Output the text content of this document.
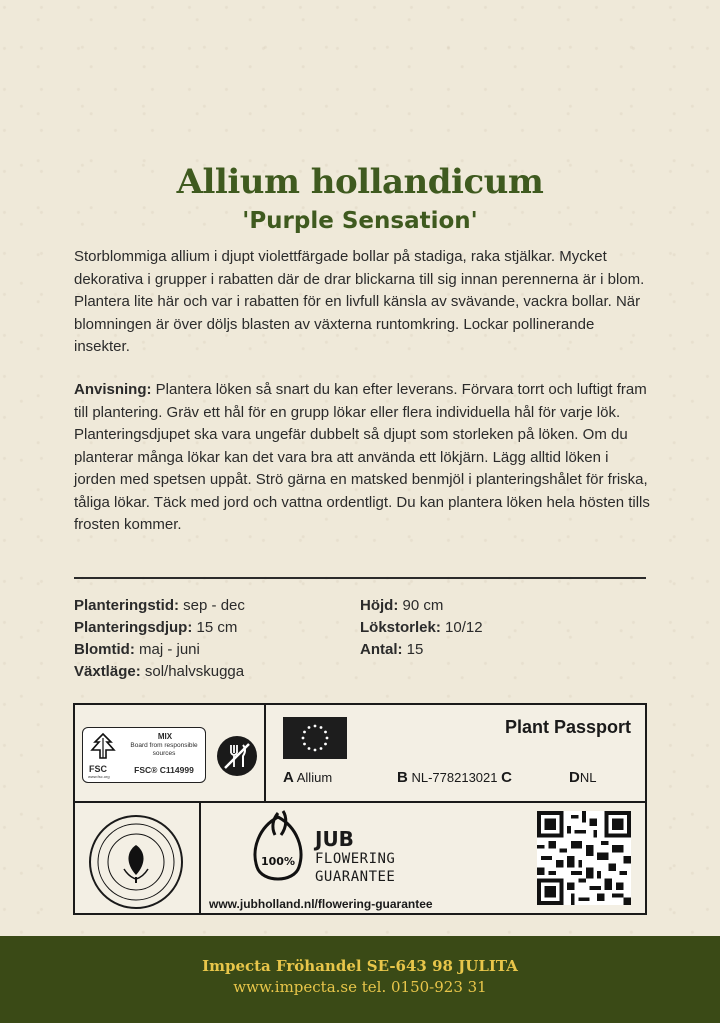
Allium hollandicum
'Purple Sensation'
Storblommiga allium i djupt violettfärgade bollar på stadiga, raka stjälkar. Mycket dekorativa i grupper i rabatten där de drar blickarna till sig innan perennerna är i blom. Plantera lite här och var i rabatten för en livfull känsla av svävande, vackra bollar. När blomningen är över döljs blasten av växterna runtomkring. Lockar pollinerande insekter.
Anvisning: Plantera löken så snart du kan efter leverans. Förvara torrt och luftigt fram till plantering. Gräv ett hål för en grupp lökar eller flera individuella hål för varje lök. Planteringsdjupet ska vara ungefär dubbelt så djupt som storleken på löken. Om du planterar många lökar kan det vara bra att använda ett lökjärn. Lägg alltid löken i jorden med spetsen uppåt. Strö gärna en matsked benmjöl i planteringshålet för friska, tåliga lökar. Täck med jord och vattna ordentligt. Du kan plantera löken hela hösten tills frosten kommer.
Planteringstid: sep - dec
Planteringsdjup: 15 cm
Blomtid: maj - juni
Växtläge: sol/halvskugga
Höjd: 90 cm
Lökstorlek: 10/12
Antal: 15
FSC
www.fsc.org
MIX
Board from responsible sources
FSC® C114999
Plant Passport
A Allium	B NL-778213021 C	DNL
100%
JUB
FLOWERING
GUARANTEE
www.jubholland.nl/flowering-guarantee
Impecta Fröhandel SE-643 98 JULITA
www.impecta.se tel. 0150-923 31
